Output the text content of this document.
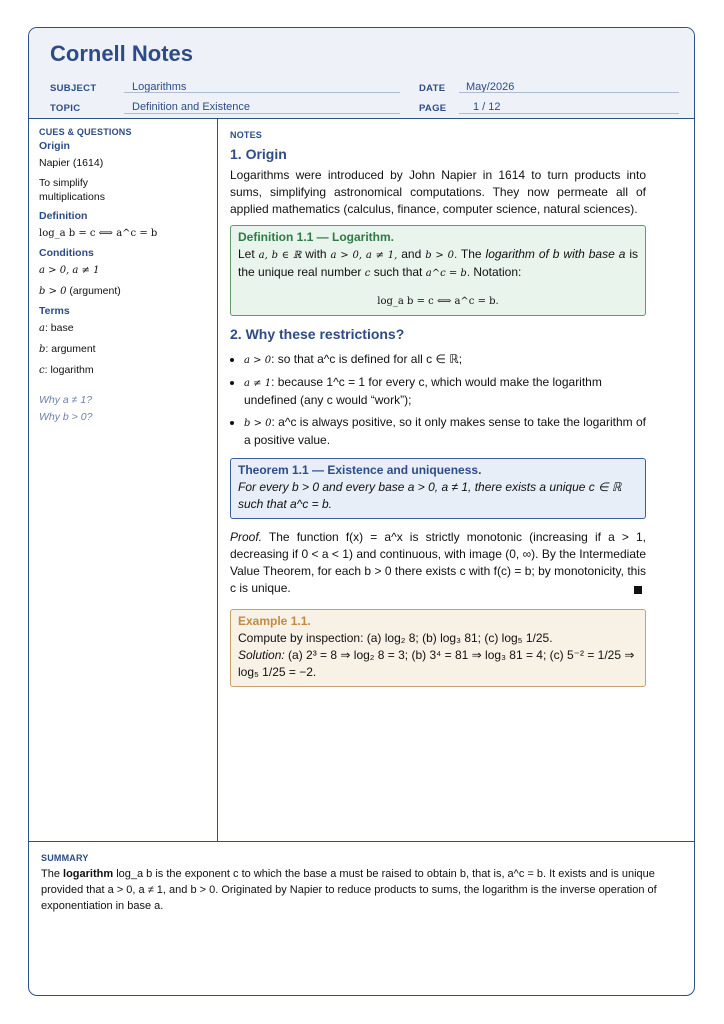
Cornell Notes
SUBJECT	Logarithms
TOPIC	Definition and Existence
DATE May/2026
PAGE 1 / 12
CUES & QUESTIONS
Origin
Napier (1614)
To simplify multiplications
Definition
log_a b = c ⟺ a^c = b
Conditions
a > 0, a ≠ 1
b > 0 (argument)
Terms
a: base
b: argument
c: logarithm
Why a ≠ 1?
Why b > 0?
NOTES
1. Origin
Logarithms were introduced by John Napier in 1614 to turn products into sums, simplifying astronomical computations. They now permeate all of applied mathematics (calculus, finance, computer science, natural sciences).
Definition 1.1 — Logarithm.
Let a, b ∈ ℝ with a > 0, a ≠ 1, and b > 0. The logarithm of b with base a is the unique real number c such that a^c = b. Notation:
log_a b = c ⟺ a^c = b.
2. Why these restrictions?
• a > 0: so that a^c is defined for all c ∈ ℝ;
• a ≠ 1: because 1^c = 1 for every c, which would make the logarithm undefined (any c would “work”);
• b > 0: a^c is always positive, so it only makes sense to take the logarithm of a positive value.
Theorem 1.1 — Existence and uniqueness.
For every b > 0 and every base a > 0, a ≠ 1, there exists a unique c ∈ ℝ such that a^c = b.
Proof. The function f(x) = a^x is strictly monotonic (increasing if a > 1, decreasing if 0 < a < 1) and continuous, with image (0, ∞). By the Intermediate Value Theorem, for each b > 0 there exists c with f(c) = b; by monotonicity, this c is unique.
Example 1.1.
Compute by inspection: (a) log₂ 8; (b) log₃ 81; (c) log₅ 1/25.
Solution: (a) 2³ = 8 ⇒ log₂ 8 = 3; (b) 3⁴ = 81 ⇒ log₃ 81 = 4; (c) 5⁻² = 1/25 ⇒ log₅ 1/25 = −2.
SUMMARY
The logarithm log_a b is the exponent c to which the base a must be raised to obtain b, that is, a^c = b. It exists and is unique provided that a > 0, a ≠ 1, and b > 0. Originated by Napier to reduce products to sums, the logarithm is the inverse operation of exponentiation in base a.
